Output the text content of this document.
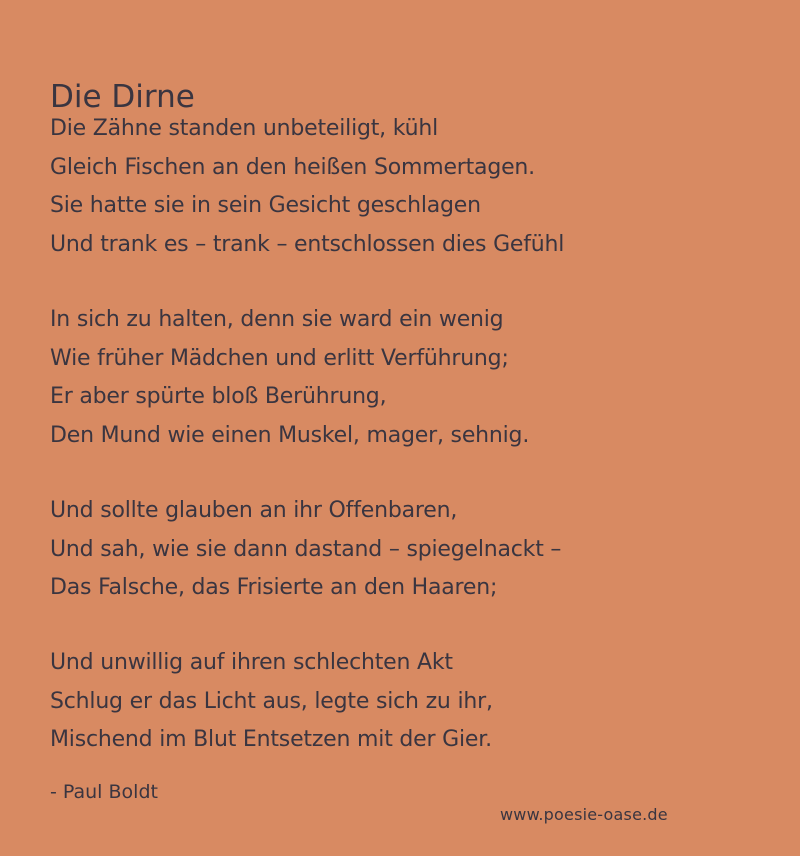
Die Dirne
Die Zähne standen unbeteiligt, kühl
Gleich Fischen an den heißen Sommertagen.
Sie hatte sie in sein Gesicht geschlagen
Und trank es – trank – entschlossen dies Gefühl
In sich zu halten, denn sie ward ein wenig
Wie früher Mädchen und erlitt Verführung;
Er aber spürte bloß Berührung,
Den Mund wie einen Muskel, mager, sehnig.
Und sollte glauben an ihr Offenbaren,
Und sah, wie sie dann dastand – spiegelnackt –
Das Falsche, das Frisierte an den Haaren;
Und unwillig auf ihren schlechten Akt
Schlug er das Licht aus, legte sich zu ihr,
Mischend im Blut Entsetzen mit der Gier.
- Paul Boldt
www.poesie-oase.de
